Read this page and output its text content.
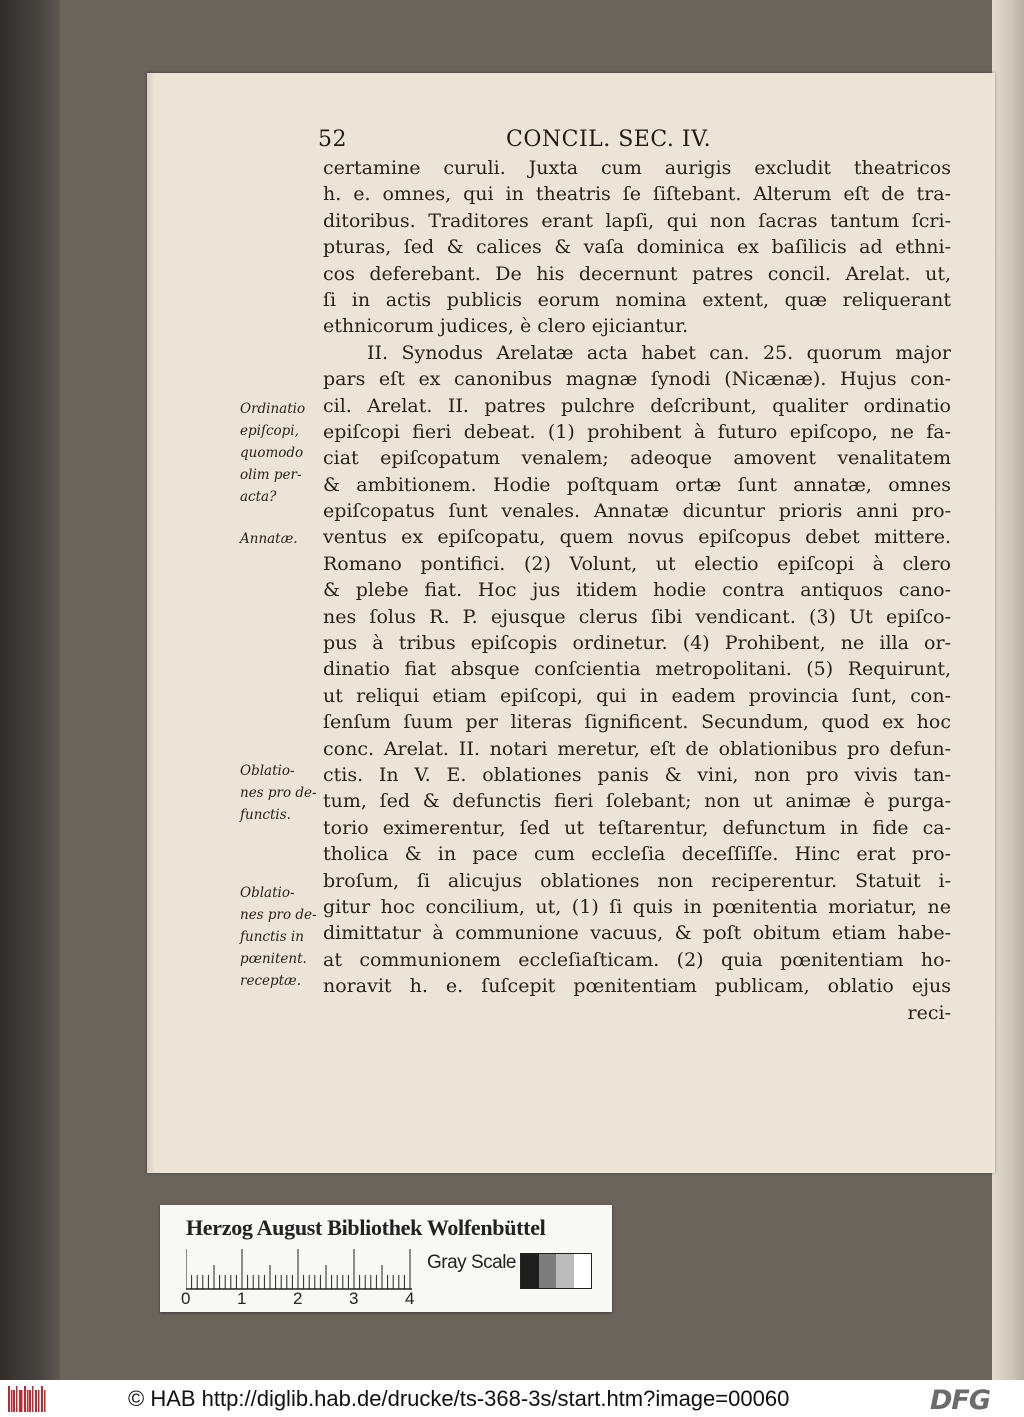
52	CONCIL. SEC. IV.
certamine curuli. Juxta cum aurigis excludit theatricos
h. e. omnes, qui in theatris ſe ſiſtebant. Alterum eſt de tra-
ditoribus. Traditores erant lapſi, qui non ſacras tantum ſcri-
pturas, ſed & calices & vaſa dominica ex baſilicis ad ethni-
cos deferebant. De his decernunt patres concil. Arelat. ut,
ſi in actis publicis eorum nomina extent, quæ reliquerant
ethnicorum judices, è clero ejiciantur.
II. Synodus Arelatæ acta habet can. 25. quorum major
pars eſt ex canonibus magnæ ſynodi (Nicænæ). Hujus con-
cil. Arelat. II. patres pulchre deſcribunt, qualiter ordinatio
epiſcopi fieri debeat. (1) prohibent à futuro epiſcopo, ne fa-
ciat epiſcopatum venalem; adeoque amovent venalitatem
& ambitionem. Hodie poſtquam ortæ ſunt annatæ, omnes
epiſcopatus ſunt venales. Annatæ dicuntur prioris anni pro-
ventus ex epiſcopatu, quem novus epiſcopus debet mittere.
Romano pontifici. (2) Volunt, ut electio epiſcopi à clero
& plebe fiat. Hoc jus itidem hodie contra antiquos cano-
nes ſolus R. P. ejusque clerus ſibi vendicant. (3) Ut epiſco-
pus à tribus epiſcopis ordinetur. (4) Prohibent, ne illa or-
dinatio fiat absque conſcientia metropolitani. (5) Requirunt,
ut reliqui etiam epiſcopi, qui in eadem provincia ſunt, con-
ſenſum ſuum per literas ſignificent. Secundum, quod ex hoc
conc. Arelat. II. notari meretur, eſt de oblationibus pro defun-
ctis. In V. E. oblationes panis & vini, non pro vivis tan-
tum, ſed & defunctis fieri ſolebant; non ut animæ è purga-
torio eximerentur, ſed ut teſtarentur, defunctum in fide ca-
tholica & in pace cum eccleſia deceſſiſſe. Hinc erat pro-
broſum, ſi alicujus oblationes non reciperentur. Statuit i-
gitur hoc concilium, ut, (1) ſi quis in pœnitentia moriatur, ne
dimittatur à communione vacuus, & poſt obitum etiam habe-
at communionem eccleſiaſticam. (2) quia pœnitentiam ho-
noravit h. e. ſuſcepit pœnitentiam publicam, oblatio ejus
reci-
Ordinatio
epiſcopi,
quomodo
olim per-
acta?
Annatæ.
Oblatio-
nes pro de-
functis.
Oblatio-
nes pro de-
functis in
pœnitent.
receptæ.
Herzog August Bibliothek Wolfenbüttel
0	1	2	3	4
Gray Scale
© HAB http://diglib.hab.de/drucke/ts-368-3s/start.htm?image=00060	DFG
